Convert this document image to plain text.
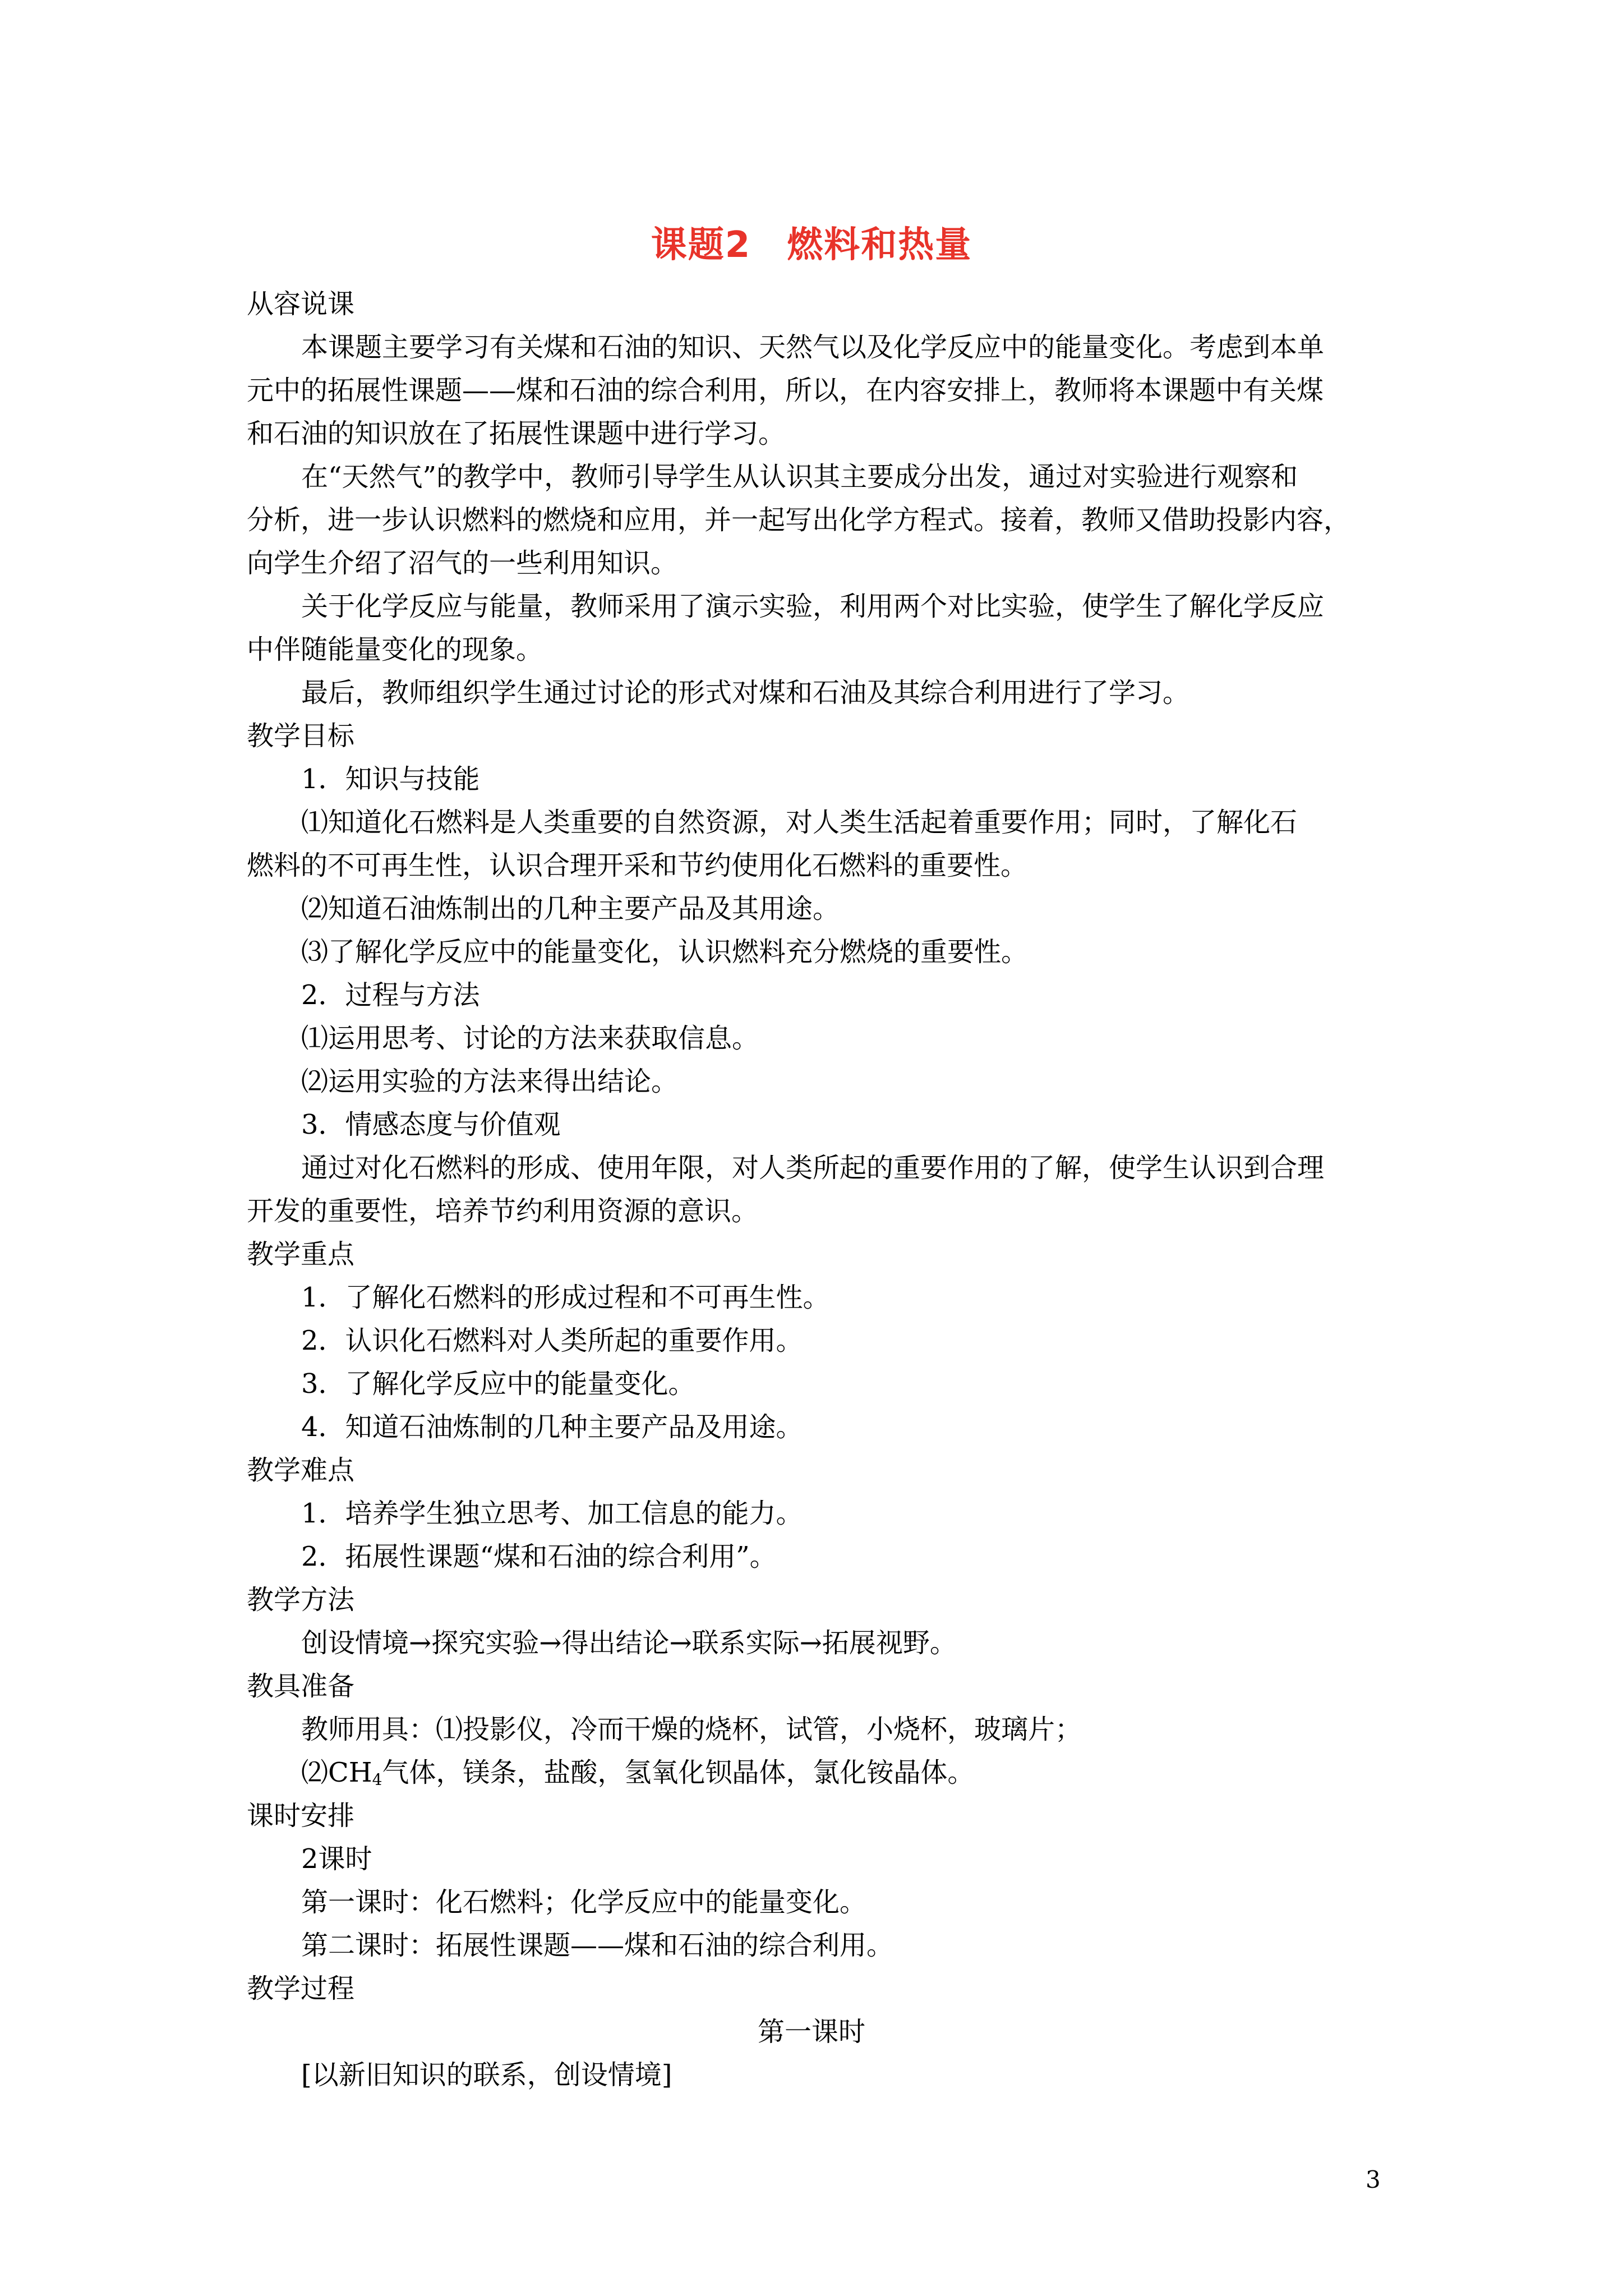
课题2 燃料和热量
从容说课
本课题主要学习有关煤和石油的知识、天然气以及化学反应中的能量变化。考虑到本单
元中的拓展性课题——煤和石油的综合利用，所以，在内容安排上，教师将本课题中有关煤
和石油的知识放在了拓展性课题中进行学习。
在“天然气”的教学中，教师引导学生从认识其主要成分出发，通过对实验进行观察和
分析，进一步认识燃料的燃烧和应用，并一起写出化学方程式。接着，教师又借助投影内容，
向学生介绍了沼气的一些利用知识。
关于化学反应与能量，教师采用了演示实验，利用两个对比实验，使学生了解化学反应
中伴随能量变化的现象。
最后，教师组织学生通过讨论的形式对煤和石油及其综合利用进行了学习。
教学目标
1．知识与技能
⑴知道化石燃料是人类重要的自然资源，对人类生活起着重要作用；同时，了解化石
燃料的不可再生性，认识合理开采和节约使用化石燃料的重要性。
⑵知道石油炼制出的几种主要产品及其用途。
⑶了解化学反应中的能量变化，认识燃料充分燃烧的重要性。
2．过程与方法
⑴运用思考、讨论的方法来获取信息。
⑵运用实验的方法来得出结论。
3．情感态度与价值观
通过对化石燃料的形成、使用年限，对人类所起的重要作用的了解，使学生认识到合理
开发的重要性，培养节约利用资源的意识。
教学重点
1．了解化石燃料的形成过程和不可再生性。
2．认识化石燃料对人类所起的重要作用。
3．了解化学反应中的能量变化。
4．知道石油炼制的几种主要产品及用途。
教学难点
1．培养学生独立思考、加工信息的能力。
2．拓展性课题“煤和石油的综合利用”。
教学方法
创设情境→探究实验→得出结论→联系实际→拓展视野。
教具准备
教师用具：⑴投影仪，冷而干燥的烧杯，试管，小烧杯，玻璃片；
$⑵CH_4$气体，镁条，盐酸，氢氧化钡晶体，氯化铵晶体。
课时安排
2课时
第一课时：化石燃料；化学反应中的能量变化。
第二课时：拓展性课题——煤和石油的综合利用。
教学过程
第一课时
[以新旧知识的联系，创设情境]
3
